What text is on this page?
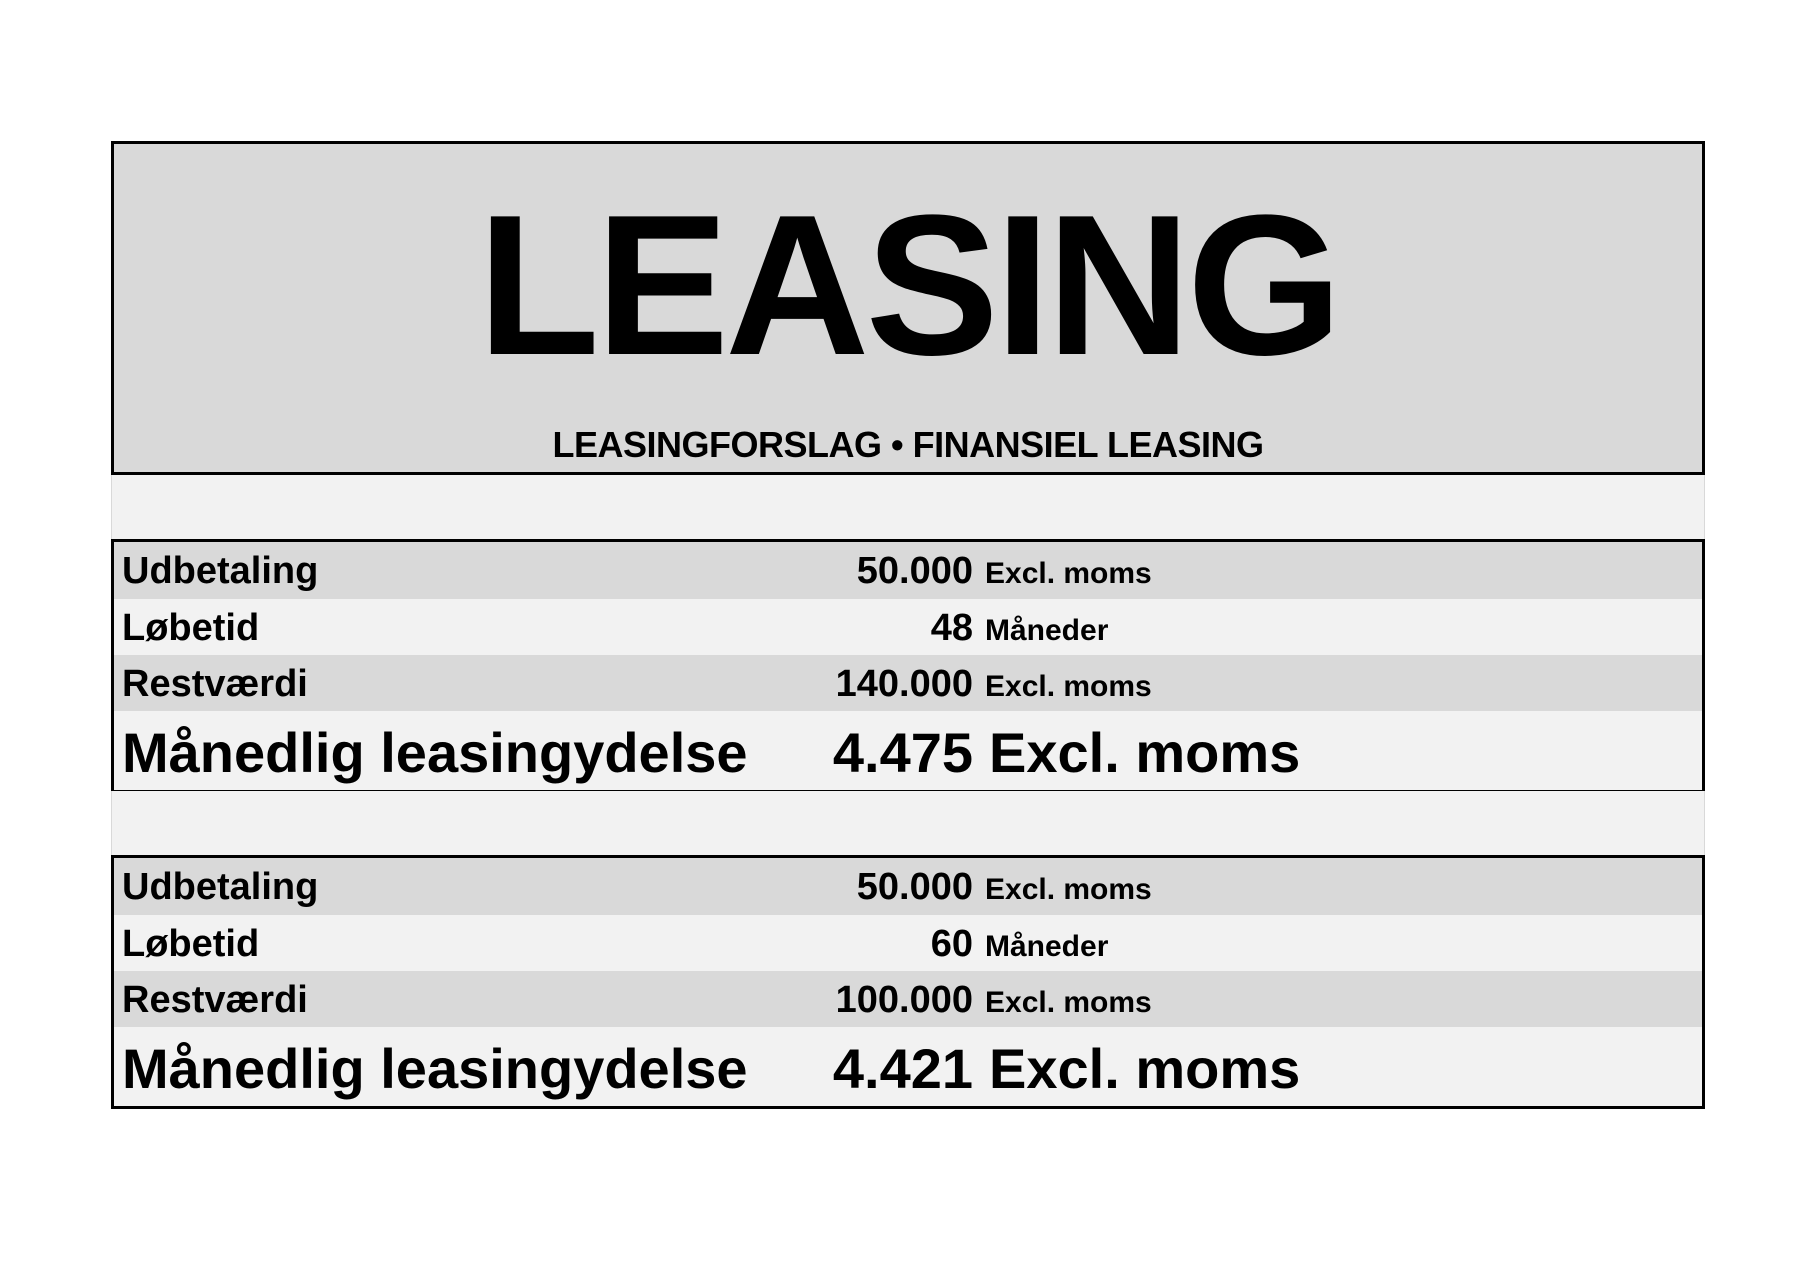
LEASING
LEASINGFORSLAG • FINANSIEL LEASING
Udbetaling	50.000 Excl. moms
Løbetid	48 Måneder
Restværdi	140.000 Excl. moms
Månedlig leasingydelse 4.475 Excl. moms
Udbetaling	50.000 Excl. moms
Løbetid	60 Måneder
Restværdi	100.000 Excl. moms
Månedlig leasingydelse 4.421 Excl. moms
